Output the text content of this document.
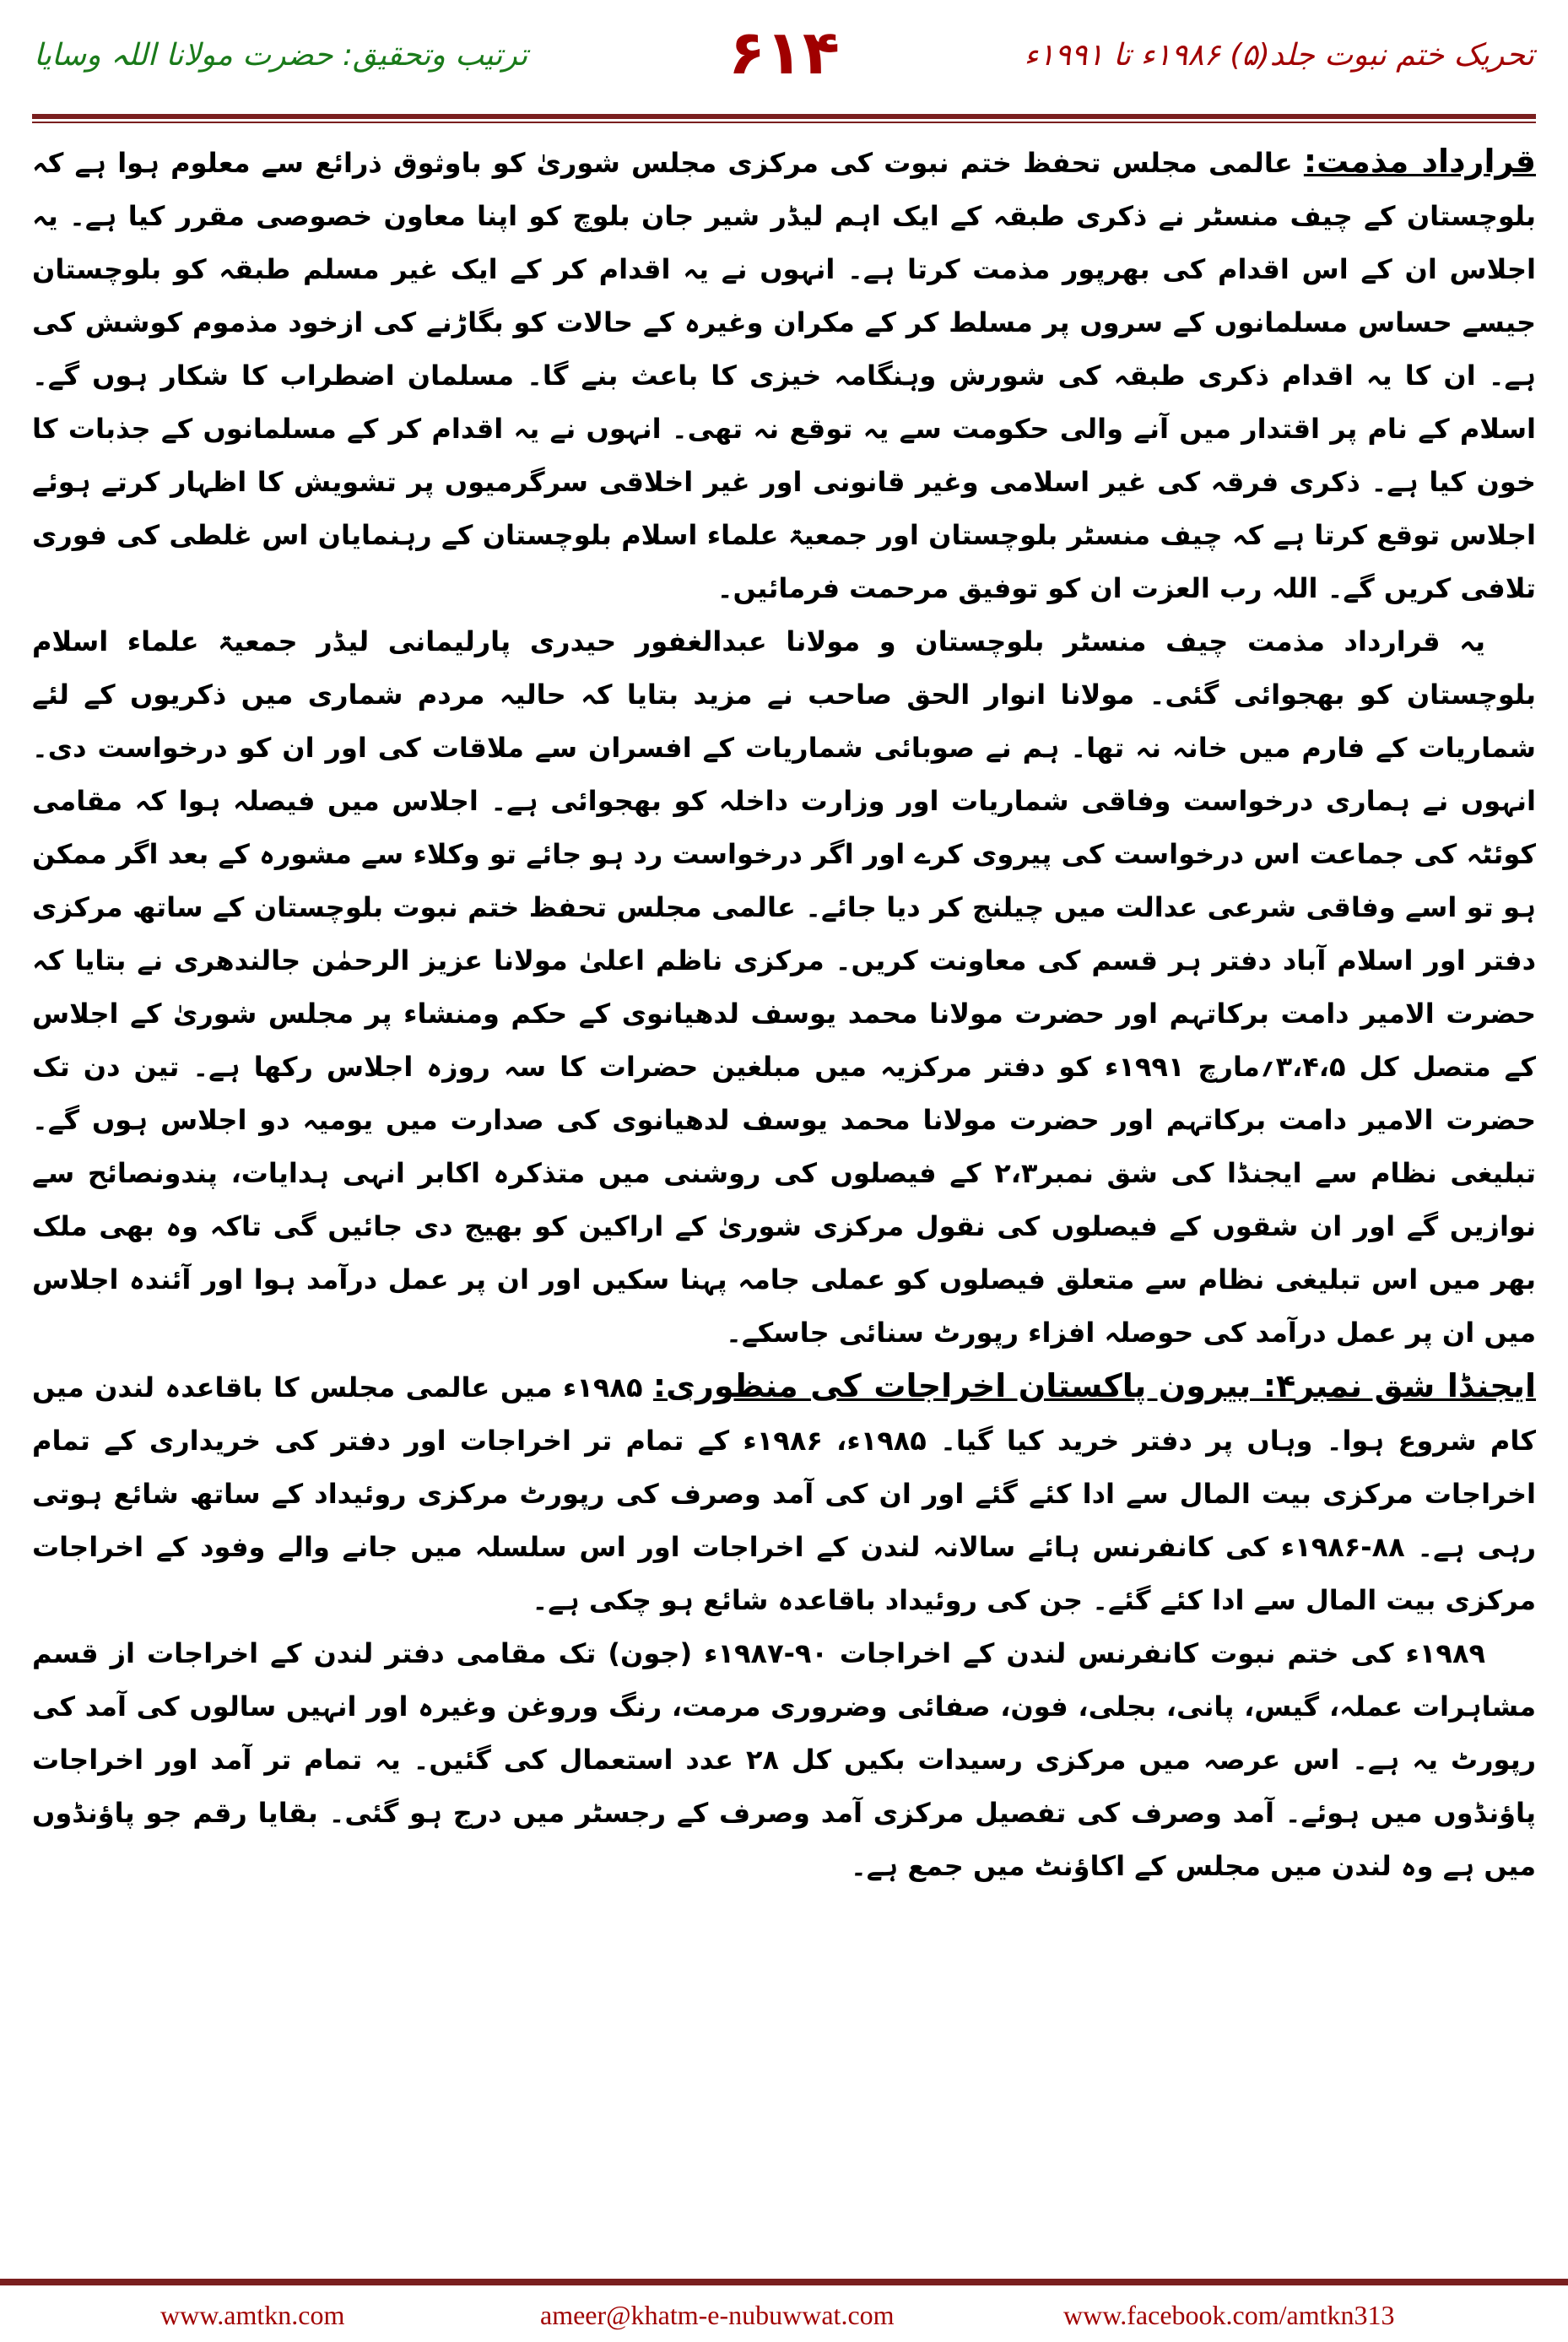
ترتیب وتحقیق: حضرت مولانا اللہ وسایا	۶۱۴	تحریک ختم نبوت جلد(۵) ۱۹۸۶ء تا ۱۹۹۱ء

قرارداد مذمت: عالمی مجلس تحفظ ختم نبوت کی مرکزی مجلس شوریٰ کو باوثوق ذرائع سے معلوم ہوا ہے کہ بلوچستان کے چیف منسٹر نے ذکری طبقہ کے ایک اہم لیڈر شیر جان بلوچ کو اپنا معاون خصوصی مقرر کیا ہے۔ یہ اجلاس ان کے اس اقدام کی بھرپور مذمت کرتا ہے۔ انہوں نے یہ اقدام کر کے ایک غیر مسلم طبقہ کو بلوچستان جیسے حساس مسلمانوں کے سروں پر مسلط کر کے مکران وغیرہ کے حالات کو بگاڑنے کی ازخود مذموم کوشش کی ہے۔ ان کا یہ اقدام ذکری طبقہ کی شورش وہنگامہ خیزی کا باعث بنے گا۔ مسلمان اضطراب کا شکار ہوں گے۔ اسلام کے نام پر اقتدار میں آنے والی حکومت سے یہ توقع نہ تھی۔ انہوں نے یہ اقدام کر کے مسلمانوں کے جذبات کا خون کیا ہے۔ ذکری فرقہ کی غیر اسلامی وغیر قانونی اور غیر اخلاقی سرگرمیوں پر تشویش کا اظہار کرتے ہوئے اجلاس توقع کرتا ہے کہ چیف منسٹر بلوچستان اور جمعیۃ علماء اسلام بلوچستان کے رہنمایان اس غلطی کی فوری تلافی کریں گے۔ اللہ رب العزت ان کو توفیق مرحمت فرمائیں۔

یہ قرارداد مذمت چیف منسٹر بلوچستان و مولانا عبدالغفور حیدری پارلیمانی لیڈر جمعیۃ علماء اسلام بلوچستان کو بھجوائی گئی۔ مولانا انوار الحق صاحب نے مزید بتایا کہ حالیہ مردم شماری میں ذکریوں کے لئے شماریات کے فارم میں خانہ نہ تھا۔ ہم نے صوبائی شماریات کے افسران سے ملاقات کی اور ان کو درخواست دی۔ انہوں نے ہماری درخواست وفاقی شماریات اور وزارت داخلہ کو بھجوائی ہے۔ اجلاس میں فیصلہ ہوا کہ مقامی کوئٹہ کی جماعت اس درخواست کی پیروی کرے اور اگر درخواست رد ہو جائے تو وکلاء سے مشورہ کے بعد اگر ممکن ہو تو اسے وفاقی شرعی عدالت میں چیلنج کر دیا جائے۔ عالمی مجلس تحفظ ختم نبوت بلوچستان کے ساتھ مرکزی دفتر اور اسلام آباد دفتر ہر قسم کی معاونت کریں۔ مرکزی ناظم اعلیٰ مولانا عزیز الرحمٰن جالندھری نے بتایا کہ حضرت الامیر دامت برکاتہم اور حضرت مولانا محمد یوسف لدھیانوی کے حکم ومنشاء پر مجلس شوریٰ کے اجلاس کے متصل کل ۳،۴،۵؍مارچ ۱۹۹۱ء کو دفتر مرکزیہ میں مبلغین حضرات کا سہ روزہ اجلاس رکھا ہے۔ تین دن تک حضرت الامیر دامت برکاتہم اور حضرت مولانا محمد یوسف لدھیانوی کی صدارت میں یومیہ دو اجلاس ہوں گے۔ تبلیغی نظام سے ایجنڈا کی شق نمبر۲،۳ کے فیصلوں کی روشنی میں متذکرہ اکابر انہی ہدایات، پندونصائح سے نوازیں گے اور ان شقوں کے فیصلوں کی نقول مرکزی شوریٰ کے اراکین کو بھیج دی جائیں گی تاکہ وہ بھی ملک بھر میں اس تبلیغی نظام سے متعلق فیصلوں کو عملی جامہ پہنا سکیں اور ان پر عمل درآمد ہوا اور آئندہ اجلاس میں ان پر عمل درآمد کی حوصلہ افزاء رپورٹ سنائی جاسکے۔

ایجنڈا شق نمبر۴: بیرون پاکستان اخراجات کی منظوری: ۱۹۸۵ء میں عالمی مجلس کا باقاعدہ لندن میں کام شروع ہوا۔ وہاں پر دفتر خرید کیا گیا۔ ۱۹۸۵ء، ۱۹۸۶ء کے تمام تر اخراجات اور دفتر کی خریداری کے تمام اخراجات مرکزی بیت المال سے ادا کئے گئے اور ان کی آمد وصرف کی رپورٹ مرکزی روئیداد کے ساتھ شائع ہوتی رہی ہے۔ ۸۸-۱۹۸۶ء کی کانفرنس ہائے سالانہ لندن کے اخراجات اور اس سلسلہ میں جانے والے وفود کے اخراجات مرکزی بیت المال سے ادا کئے گئے۔ جن کی روئیداد باقاعدہ شائع ہو چکی ہے۔

۱۹۸۹ء کی ختم نبوت کانفرنس لندن کے اخراجات ۹۰-۱۹۸۷ء (جون) تک مقامی دفتر لندن کے اخراجات از قسم مشاہرات عملہ، گیس، پانی، بجلی، فون، صفائی وضروری مرمت، رنگ وروغن وغیرہ اور انہیں سالوں کی آمد کی رپورٹ یہ ہے۔ اس عرصہ میں مرکزی رسیدات بکیں کل ۲۸ عدد استعمال کی گئیں۔ یہ تمام تر آمد اور اخراجات پاؤنڈوں میں ہوئے۔ آمد وصرف کی تفصیل مرکزی آمد وصرف کے رجسٹر میں درج ہو گئی۔ بقایا رقم جو پاؤنڈوں میں ہے وہ لندن میں مجلس کے اکاؤنٹ میں جمع ہے۔

www.amtkn.com	ameer@khatm-e-nubuwwat.com	www.facebook.com/amtkn313
